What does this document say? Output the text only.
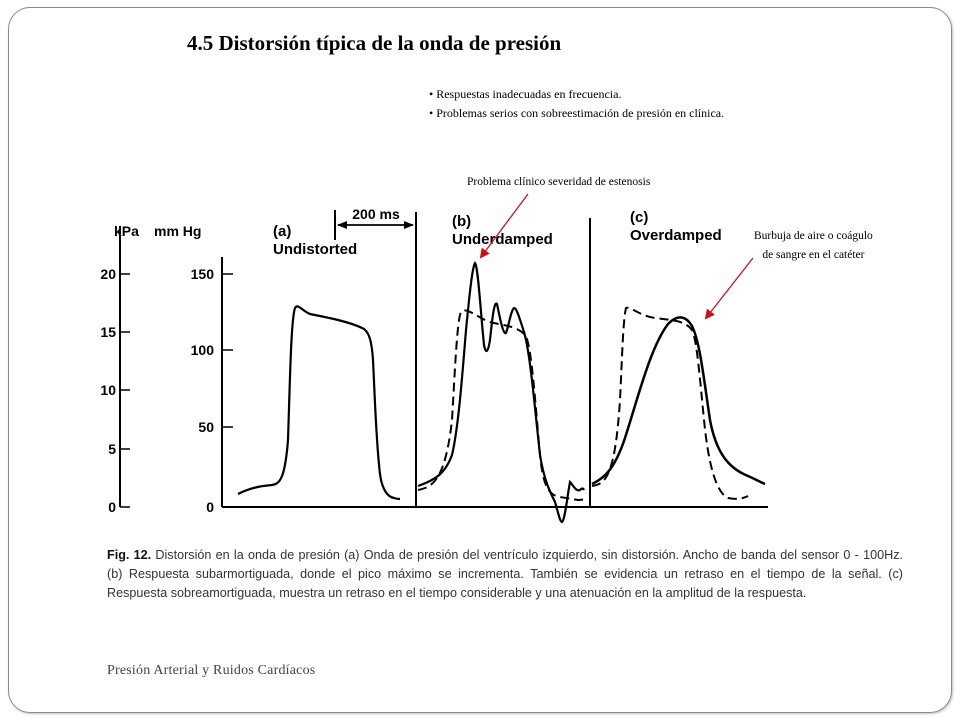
4.5 Distorsión típica de la onda de presión
• Respuestas inadecuadas en frecuencia.
• Problemas serios con sobreestimación de presión en clínica.
Problema clínico severidad de estenosis
Burbuja de aire o coágulo
de sangre en el catéter
kPa
20
15
10
5
0
mm Hg
150
100
50
0
200 ms
(a)
Undistorted
(b)
Underdamped
(c)
Overdamped
Fig. 12. Distorsión en la onda de presión (a) Onda de presión del ventrículo izquierdo, sin distorsión. Ancho de banda del sensor 0 - 100Hz. (b) Respuesta subarmortiguada, donde el pico máximo se incrementa. También se evidencia un retraso en el tiempo de la señal. (c) Respuesta sobreamortiguada, muestra un retraso en el tiempo considerable y una atenuación en la amplitud de la respuesta.
Presión Arterial y Ruidos Cardíacos
